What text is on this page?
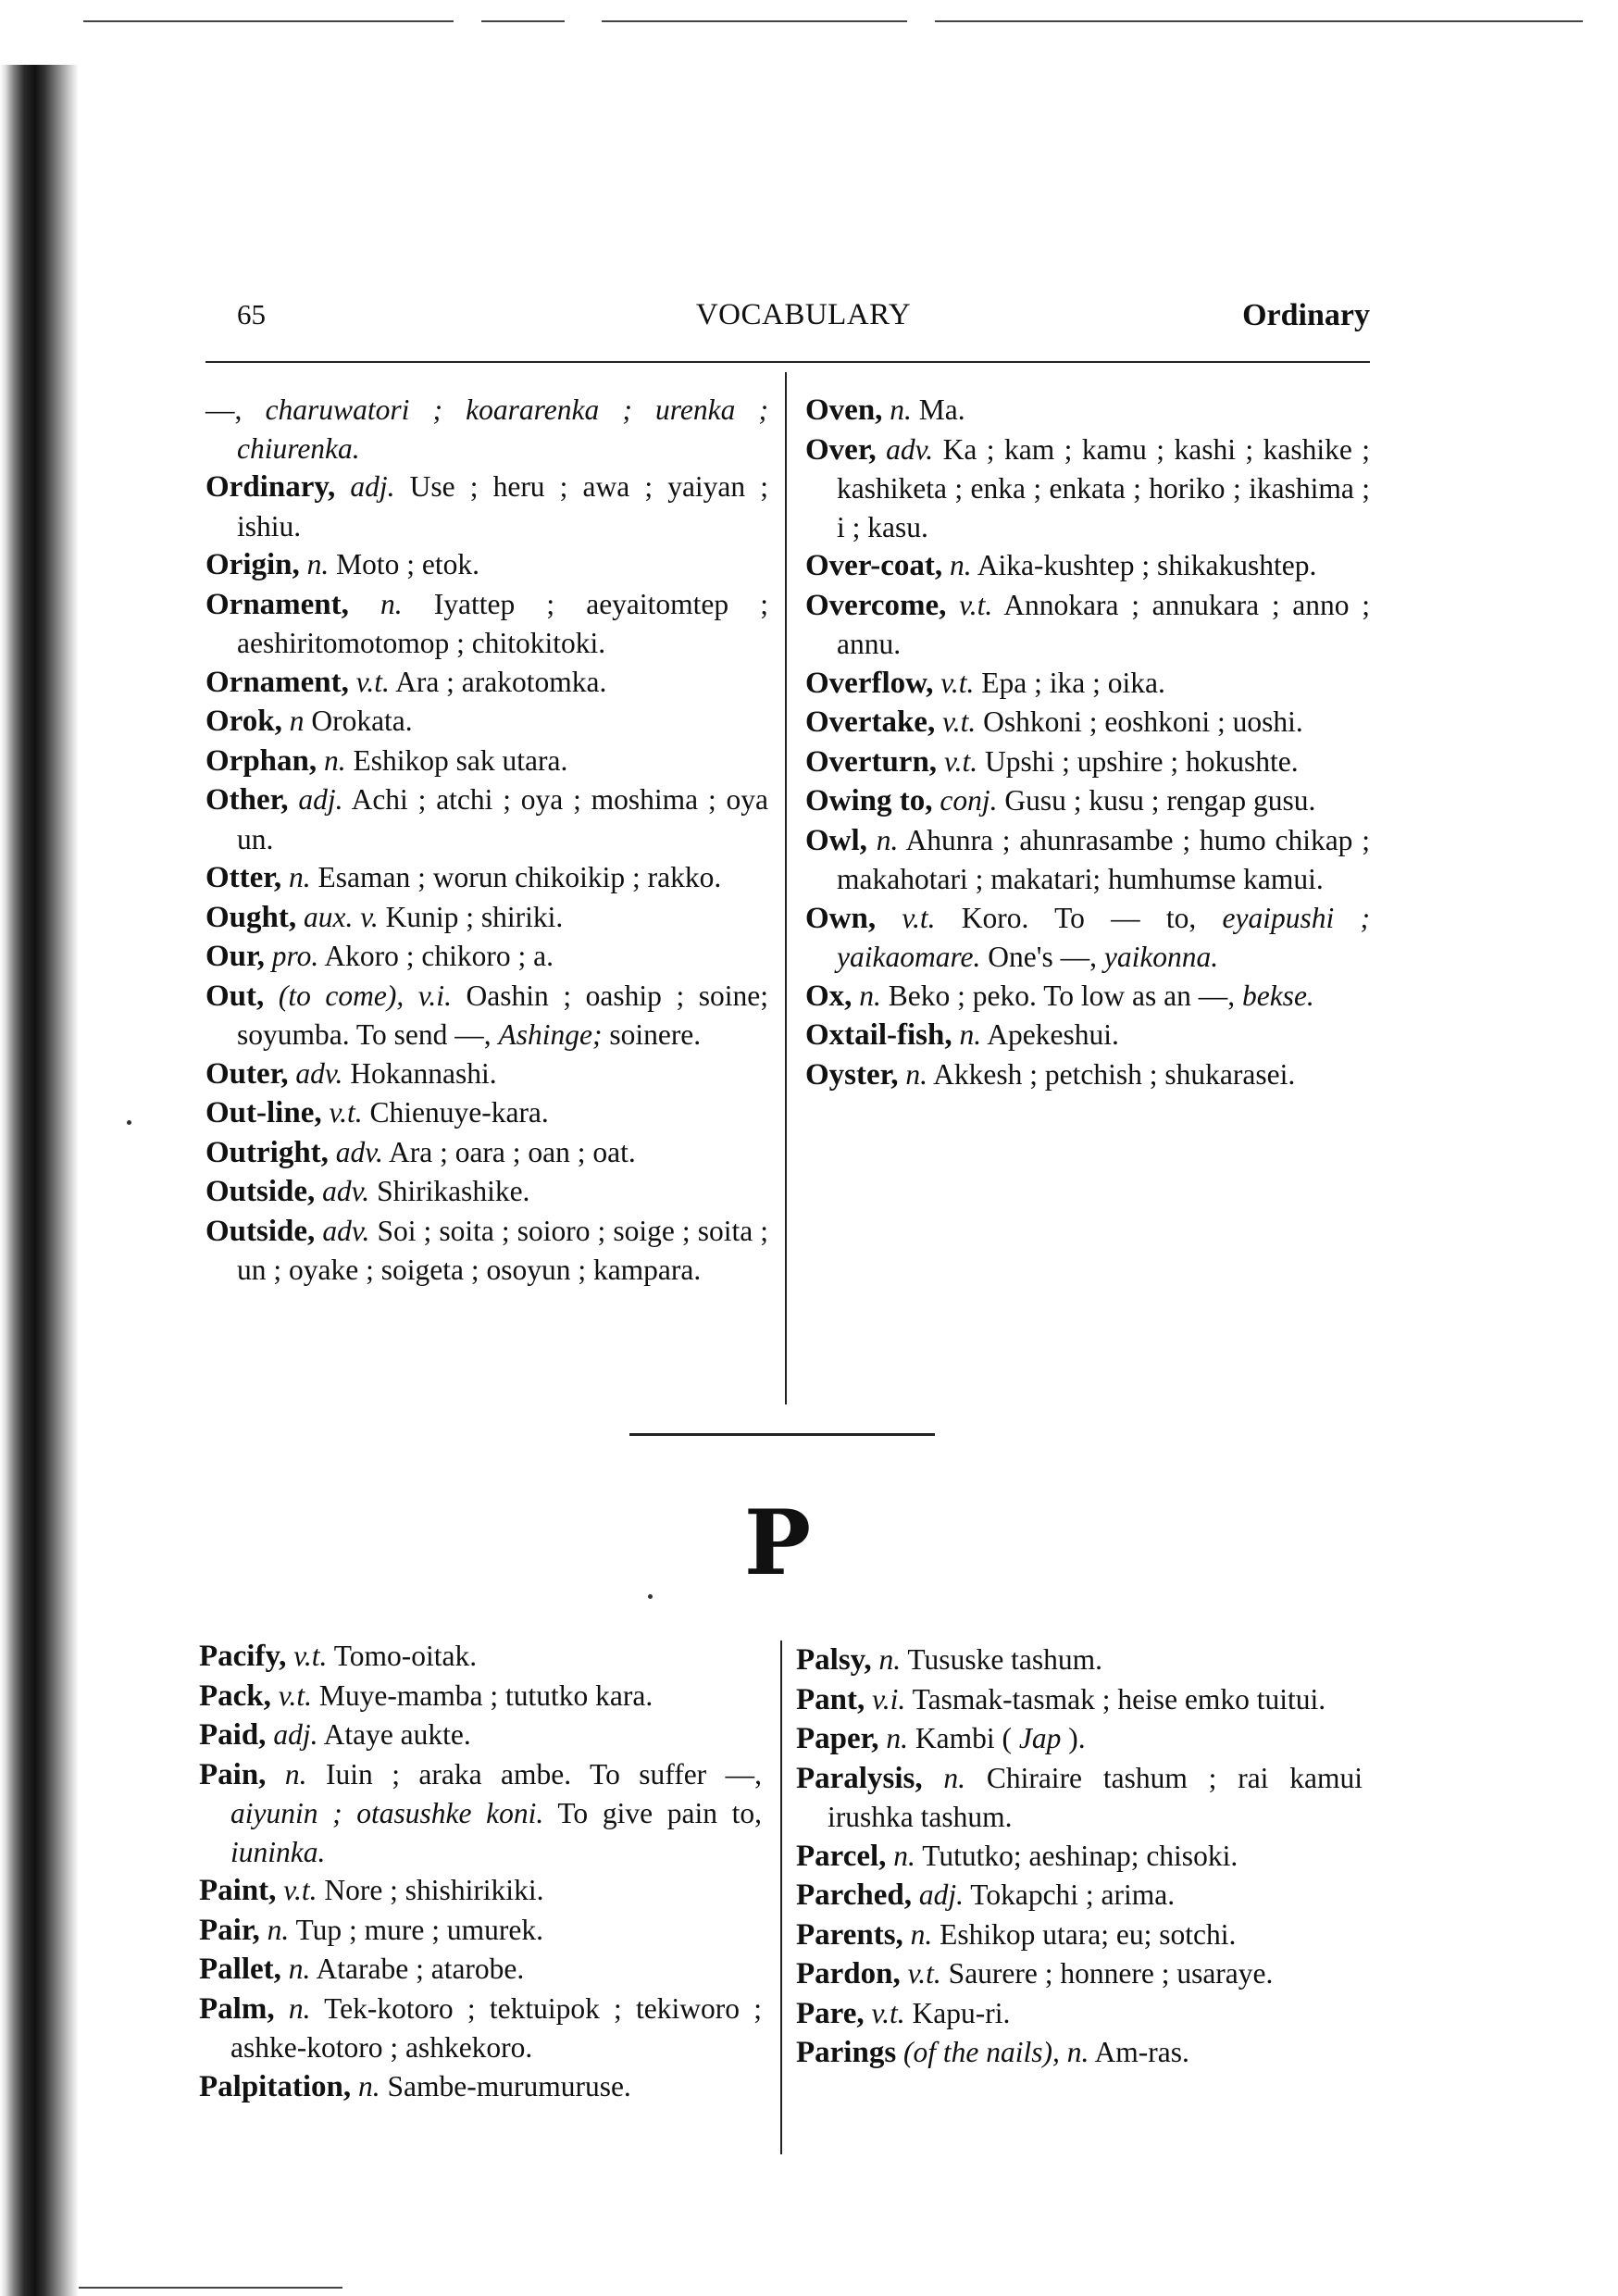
65	VOCABULARY	Ordinary

—, charuwatori ; koararenka ; urenka ; chiurenka.

Ordinary, adj. Use ; heru ; awa ; yaiyan ; ishiu.

Origin, n. Moto ; etok.

Ornament, n. Iyattep ; aeyaitomtep ; aeshiritomotomop ; chitokitoki.

Ornament, v.t. Ara ; arakotomka.

Orok, n Orokata.

Orphan, n. Eshikop sak utara.

Other, adj. Achi ; atchi ; oya ; moshima ; oya un.

Otter, n. Esaman ; worun chikoikip ; rakko.

Ought, aux. v. Kunip ; shiriki.

Our, pro. Akoro ; chikoro ; a.

Out, (to come), v.i. Oashin ; oaship ; soine; soyumba. To send —, Ashinge; soinere.

Outer, adv. Hokannashi.

Out-line, v.t. Chienuye-kara.

Outright, adv. Ara ; oara ; oan ; oat.

Outside, adv. Shirikashike.

Outside, adv. Soi ; soita ; soioro ; soige ; soita ; un ; oyake ; soigeta ; osoyun ; kampara.

Oven, n. Ma.

Over, adv. Ka ; kam ; kamu ; kashi ; kashike ; kashiketa ; enka ; enkata ; horiko ; ikashima ; i ; kasu.

Over-coat, n. Aika-kushtep ; shikakushtep.

Overcome, v.t. Annokara ; annukara ; anno ; annu.

Overflow, v.t. Epa ; ika ; oika.

Overtake, v.t. Oshkoni ; eoshkoni ; uoshi.

Overturn, v.t. Upshi ; upshire ; hokushte.

Owing to, conj. Gusu ; kusu ; rengap gusu.

Owl, n. Ahunra ; ahunrasambe ; humo chikap ; makahotari ; makatari; humhumse kamui.

Own, v.t. Koro. To — to, eyaipushi ; yaikaomare. One's —, yaikonna.

Ox, n. Beko ; peko. To low as an —, bekse.

Oxtail-fish, n. Apekeshui.

Oyster, n. Akkesh ; petchish ; shukarasei.

P

Pacify, v.t. Tomo-oitak.

Pack, v.t. Muye-mamba ; tututko kara.

Paid, adj. Ataye aukte.

Pain, n. Iuin ; araka ambe. To suffer —, aiyunin ; otasushke koni. To give pain to, iuninka.

Paint, v.t. Nore ; shishirikiki.

Pair, n. Tup ; mure ; umurek.

Pallet, n. Atarabe ; atarobe.

Palm, n. Tek-kotoro ; tektuipok ; tekiworo ; ashke-kotoro ; ashkekoro.

Palpitation, n. Sambe-murumuruse.

Palsy, n. Tususke tashum.

Pant, v.i. Tasmak-tasmak ; heise emko tuitui.

Paper, n. Kambi ( Jap ).

Paralysis, n. Chiraire tashum ; rai kamui irushka tashum.

Parcel, n. Tututko; aeshinap; chisoki.

Parched, adj. Tokapchi ; arima.

Parents, n. Eshikop utara; eu; sotchi.

Pardon, v.t. Saurere ; honnere ; usaraye.

Pare, v.t. Kapu-ri.

Parings (of the nails), n. Am-ras.
